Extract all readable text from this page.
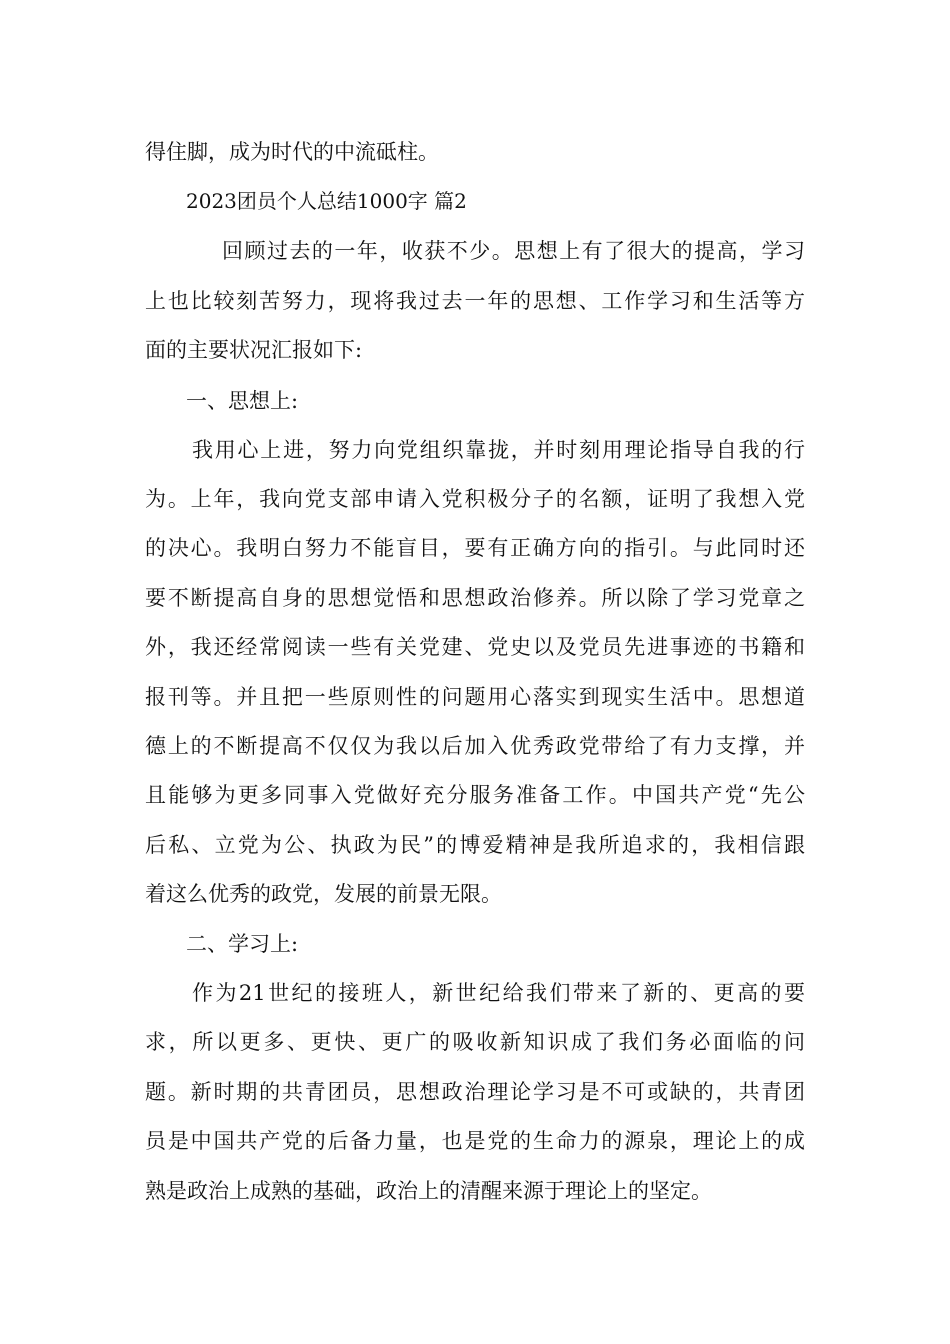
得住脚，成为时代的中流砥柱。
2023团员个人总结1000字 篇2
回顾过去的一年，收获不少。思想上有了很大的提高，学习
上也比较刻苦努力，现将我过去一年的思想、工作学习和生活等方
面的主要状况汇报如下:
一、思想上:
我用心上进，努力向党组织靠拢，并时刻用理论指导自我的行
为。上年，我向党支部申请入党积极分子的名额，证明了我想入党
的决心。我明白努力不能盲目，要有正确方向的指引。与此同时还
要不断提高自身的思想觉悟和思想政治修养。所以除了学习党章之
外，我还经常阅读一些有关党建、党史以及党员先进事迹的书籍和
报刊等。并且把一些原则性的问题用心落实到现实生活中。思想道
德上的不断提高不仅仅为我以后加入优秀政党带给了有力支撑，并
且能够为更多同事入党做好充分服务准备工作。中国共产党“先公
后私、立党为公、执政为民”的博爱精神是我所追求的，我相信跟
着这么优秀的政党，发展的前景无限。
二、学习上:
作为21世纪的接班人，新世纪给我们带来了新的、更高的要
求，所以更多、更快、更广的吸收新知识成了我们务必面临的问
题。新时期的共青团员，思想政治理论学习是不可或缺的，共青团
员是中国共产党的后备力量，也是党的生命力的源泉，理论上的成
熟是政治上成熟的基础，政治上的清醒来源于理论上的坚定。
